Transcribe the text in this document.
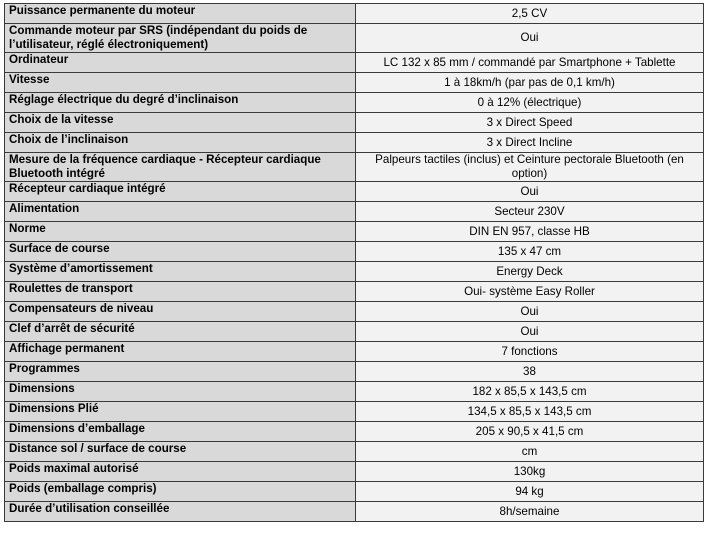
Puissance permanente du moteur	2,5 CV
Commande moteur par SRS (indépendant du poids de l’utilisateur, réglé électroniquement)	Oui
Ordinateur	LC 132 x 85 mm / commandé par Smartphone + Tablette
Vitesse	1 à 18km/h (par pas de 0,1 km/h)
Réglage électrique du degré d’inclinaison	0 à 12% (électrique)
Choix de la vitesse	3 x Direct Speed
Choix de l’inclinaison	3 x Direct Incline
Mesure de la fréquence cardiaque - Récepteur cardiaque Bluetooth intégré	Palpeurs tactiles (inclus) et Ceinture pectorale Bluetooth (en option)
Récepteur cardiaque intégré	Oui
Alimentation	Secteur 230V
Norme	DIN EN 957, classe HB
Surface de course	135 x 47 cm
Système d’amortissement	Energy Deck
Roulettes de transport	Oui- système Easy Roller
Compensateurs de niveau	Oui
Clef d’arrêt de sécurité	Oui
Affichage permanent	7 fonctions
Programmes	38
Dimensions	182 x 85,5 x 143,5 cm
Dimensions Plié	134,5 x 85,5 x 143,5 cm
Dimensions d’emballage	205 x 90,5 x 41,5 cm
Distance sol / surface de course	cm
Poids maximal autorisé	130kg
Poids (emballage compris)	94 kg
Durée d’utilisation conseillée	8h/semaine
